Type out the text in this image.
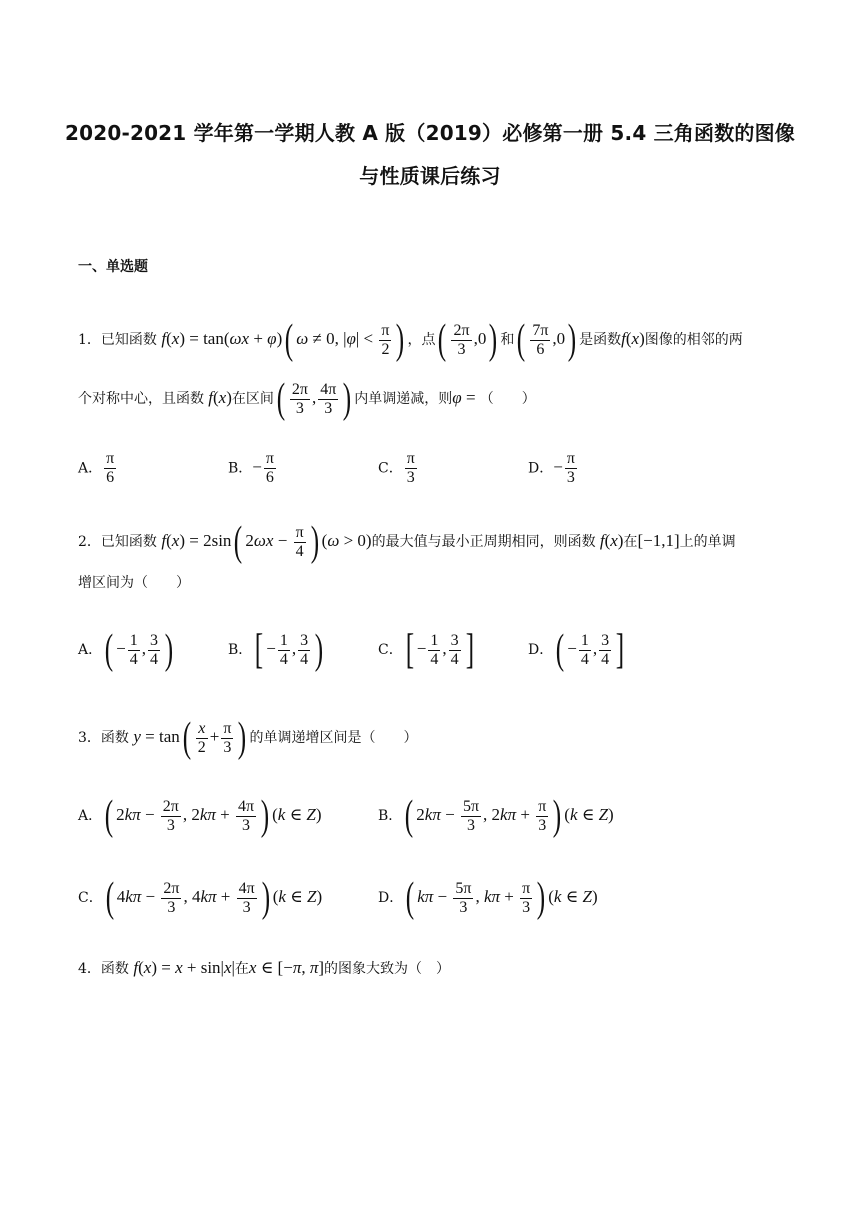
2020-2021 学年第一学期人教 A 版（2019）必修第一册 5.4 三角函数的图像
与性质课后练习
一、单选题
1．已知函数 f(x) = tan(ωx + φ)( ω ≠ 0, $|\varphi| < \frac{\pi}{2}$ ) ，点( $\frac{2\pi}{3} ,0$) 和( $\frac{7\pi}{6} ,0$) 是函数f(x)图像的相邻的两
个对称中心，且函数 f(x)在区间( $\frac{2\pi}{3}$ , $\frac{4\pi}{3}$ ) 内单调递减，则φ = （　　）
A． $\frac{\pi}{6}$	B．− $\frac{\pi}{6}$	C． $\frac{\pi}{3}$	D．− $\frac{\pi}{3}$
2．已知函数 f(x) = 2sin( $2\omega x - \frac{\pi}{4}$ ) (ω > 0)的最大值与最小正周期相同，则函数 f(x)在[−1,1]上的单调
增区间为（　　）
A．( − $\frac{1}{4}$ , $\frac{3}{4}$ )	B．[ − $\frac{1}{4}$ , $\frac{3}{4}$ )	C．[ − $\frac{1}{4}$ , $\frac{3}{4}$ ]	D．( − $\frac{1}{4}$ , $\frac{3}{4}$ ]
3．函数 $y = \tan( \frac{x}{2} + \frac{\pi}{3}$ ) 的单调递增区间是（　　）
A．( $2k\pi - \frac{2\pi}{3}$ , $2k\pi + \frac{4\pi}{3}$ ) (k ∈ Z)	B．( $2k\pi - \frac{5\pi}{3}$ , $2k\pi + \frac{\pi}{3}$ ) (k ∈ Z)
C．( $4k\pi - \frac{2\pi}{3}$ , $4k\pi + \frac{4\pi}{3}$ ) (k ∈ Z)	D．( $k\pi - \frac{5\pi}{3}$ , $k\pi + \frac{\pi}{3}$ ) (k ∈ Z)
4．函数 f(x) = x + sin|x|在x ∈ [−π, π]的图象大致为（　）
